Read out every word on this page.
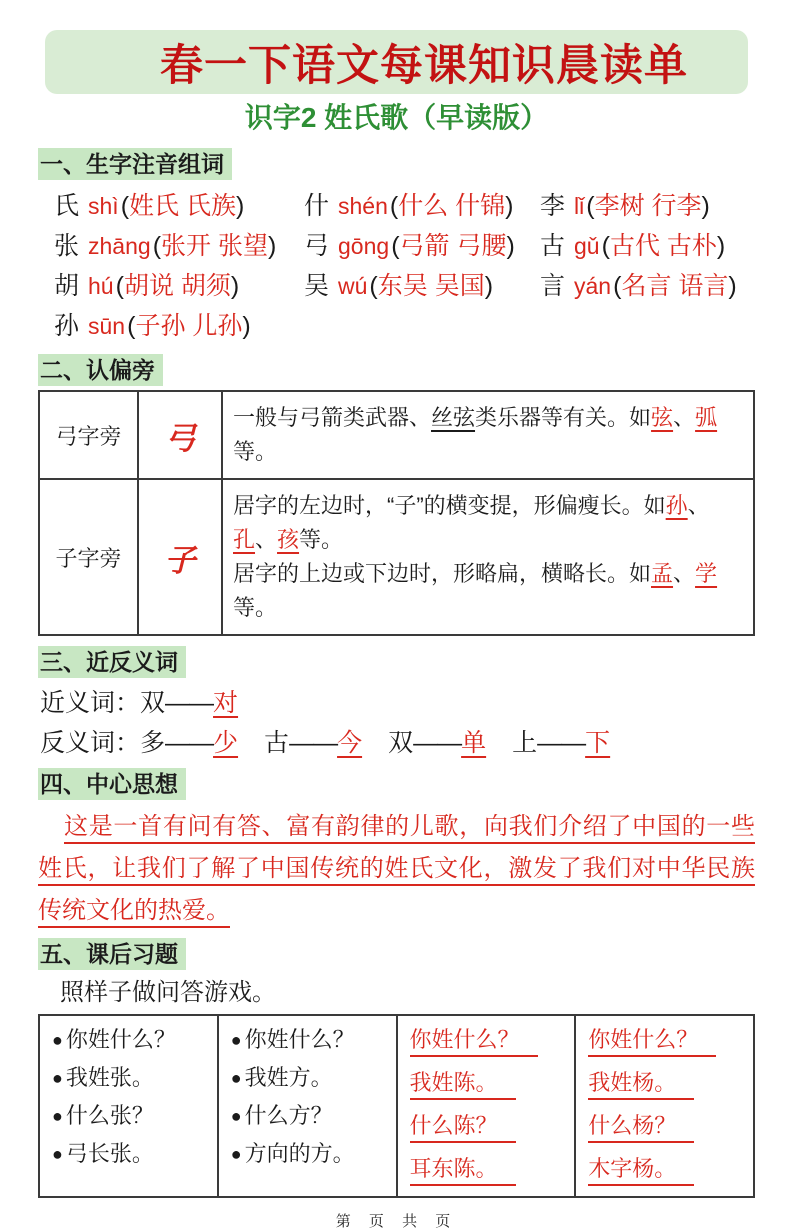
春一下语文每课知识晨读单
识字2 姓氏歌（早读版）
一、生字注音组词
氏 shì(姓氏 氏族)	什 shén(什么 什锦)	李 lǐ(李树 行李)
张 zhāng(张开 张望)	弓 gōng(弓箭 弓腰)	古 gǔ(古代 古朴)
胡 hú(胡说 胡须)	吴 wú(东吴 吴国)	言 yán(名言 语言)
孙 sūn(子孙 儿孙)
二、认偏旁
弓字旁	弓	一般与弓箭类武器、丝弦类乐器等有关。如弦、弧等。

子字旁	子	居字的左边时，“子”的横变提，形偏瘦长。如孙、孔、孩等。
居字的上边或下边时，形略扁，横略长。如孟、学等。
三、近反义词
近义词：双——对
反义词：多——少 古——今 双——单 上——下
四、中心思想
这是一首有问有答、富有韵律的儿歌，向我们介绍了中国的一些姓氏，让我们了解了中国传统的姓氏文化，激发了我们对中华民族传统文化的热爱。
五、课后习题
照样子做问答游戏。
● 你姓什么？
● 我姓张。
● 什么张？
● 弓长张。

● 你姓什么？
● 我姓方。
● 什么方？
● 方向的方。

你姓什么？
我姓陈。
什么陈？
耳东陈。

你姓什么？
我姓杨。
什么杨？
木字杨。
第 页 共 页
